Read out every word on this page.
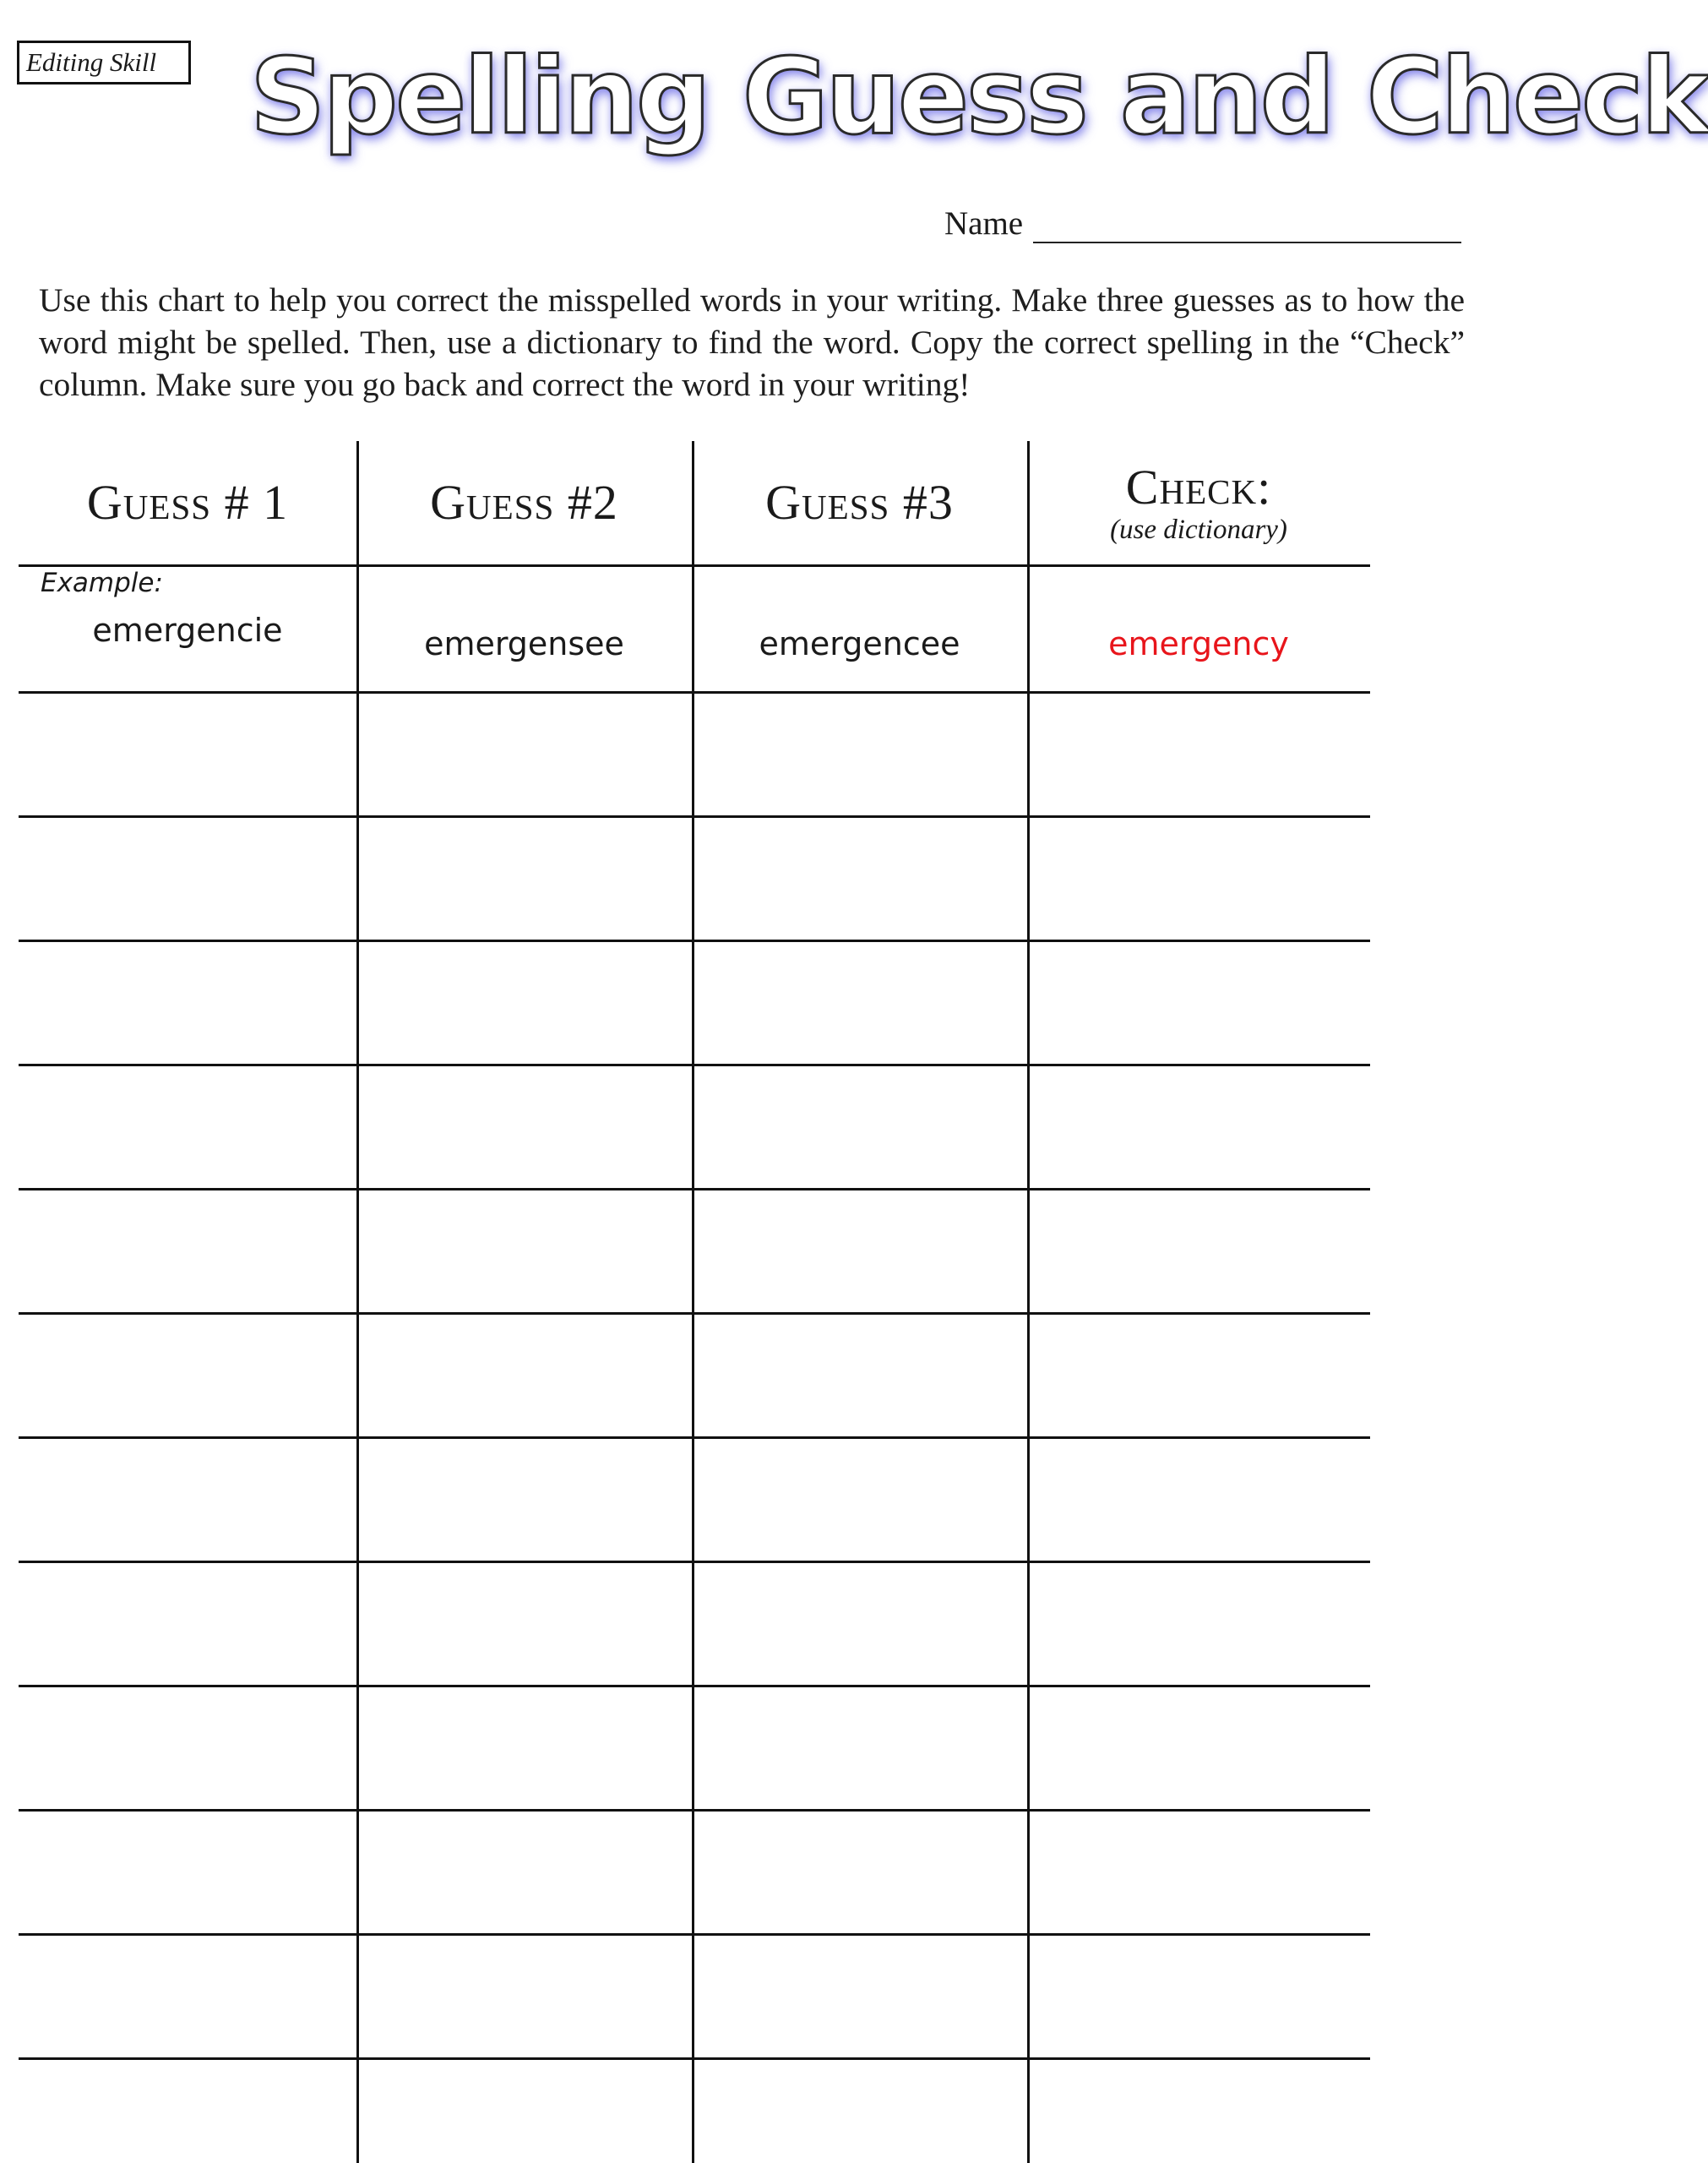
Editing Skill Spelling Guess and Check
Name

Use this chart to help you correct the misspelled words in your writing. Make three guesses as to how the word might be spelled. Then, use a dictionary to find the word. Copy the correct spelling in the “Check” column. Make sure you go back and correct the word in your writing!

Guess # 1	Guess #2	Guess #3	Check:
(use dictionary)
Example:
emergencie	emergensee	emergencee	emergency
